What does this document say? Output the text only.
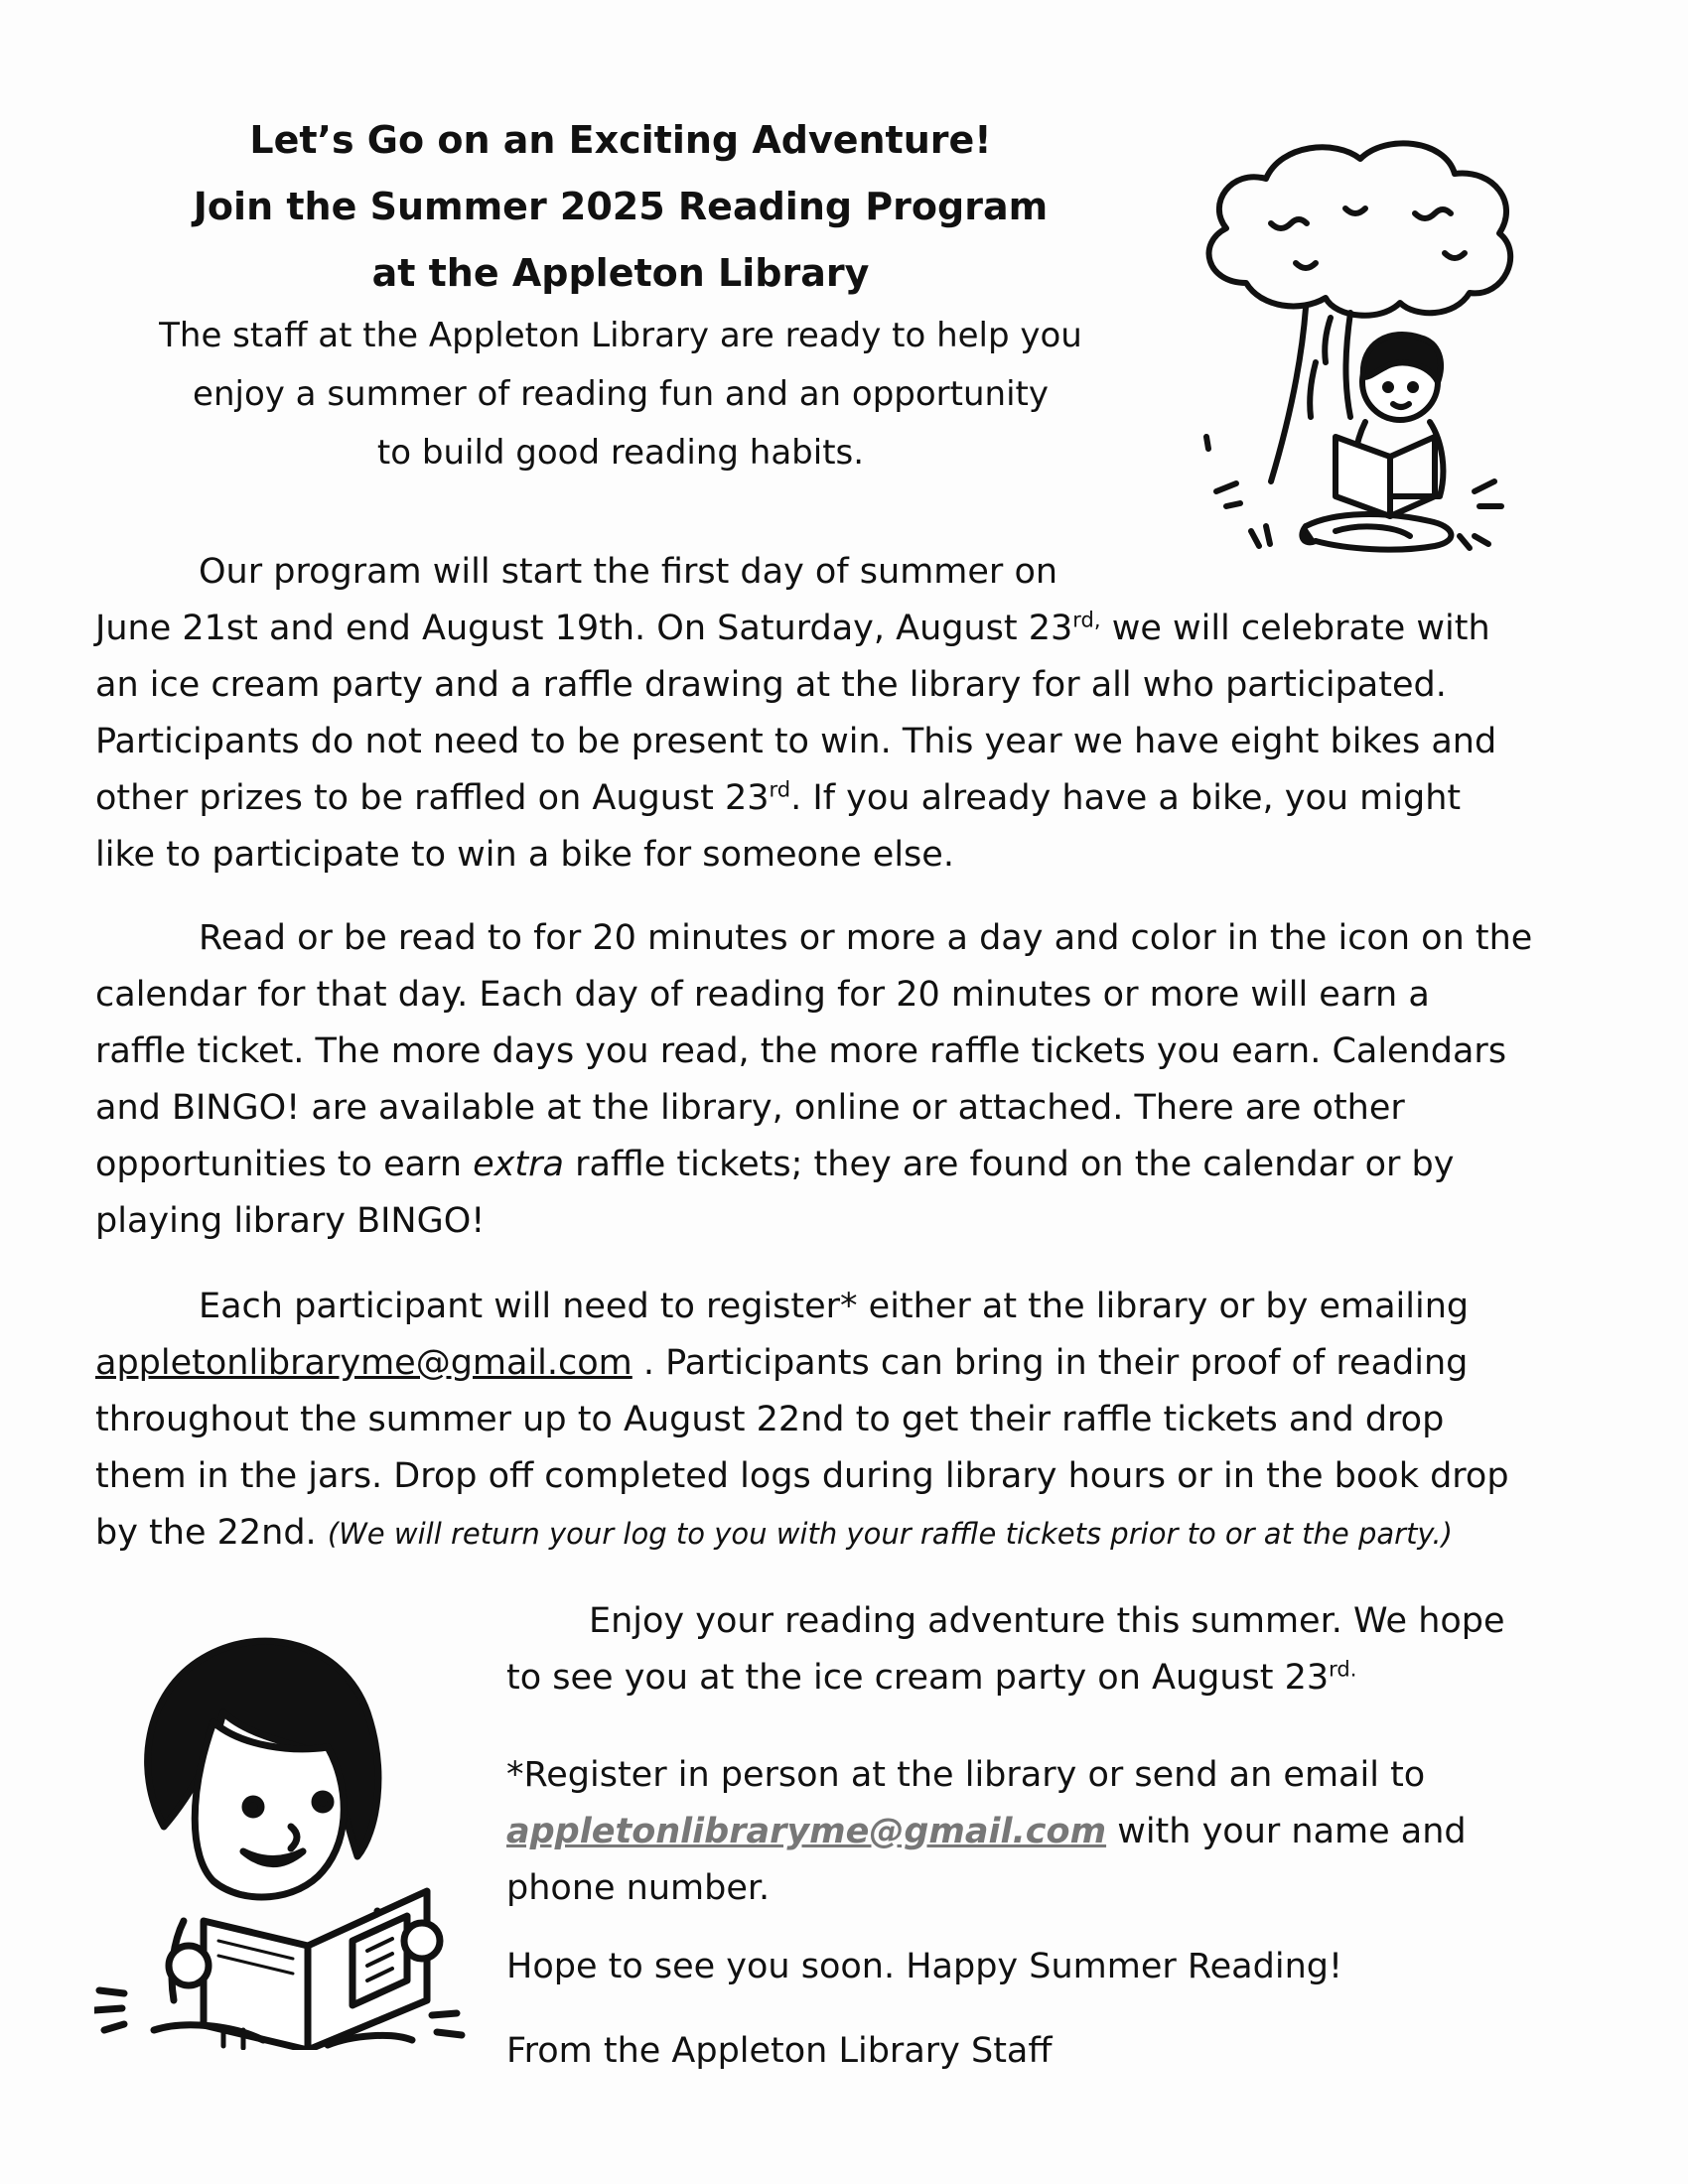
Let’s Go on an Exciting Adventure!

Join the Summer 2025 Reading Program

at the Appleton Library

The staff at the Appleton Library are ready to help you
enjoy a summer of reading fun and an opportunity
to build good reading habits.

Our program will start the first day of summer on
June 21st and end August 19th. On Saturday, August $23^{rd,}$ we will celebrate with
an ice cream party and a raffle drawing at the library for all who participated.
Participants do not need to be present to win. This year we have eight bikes and
other prizes to be raffled on August 23rd. If you already have a bike, you might
like to participate to win a bike for someone else.

Read or be read to for 20 minutes or more a day and color in the icon on the
calendar for that day. Each day of reading for 20 minutes or more will earn a
raffle ticket. The more days you read, the more raffle tickets you earn. Calendars
and BINGO! are available at the library, online or attached. There are other
opportunities to earn extra raffle tickets; they are found on the calendar or by
playing library BINGO!

Each participant will need to register* either at the library or by emailing
appletonlibraryme@gmail.com . Participants can bring in their proof of reading
throughout the summer up to August 22nd to get their raffle tickets and drop
them in the jars. Drop off completed logs during library hours or in the book drop
by the 22nd. (We will return your log to you with your raffle tickets prior to or at the party.)

Enjoy your reading adventure this summer. We hope
to see you at the ice cream party on August $23^{rd.}$
*Register in person at the library or send an email to
appletonlibraryme@gmail.com with your name and
phone number.

Hope to see you soon. Happy Summer Reading!

From the Appleton Library Staff
